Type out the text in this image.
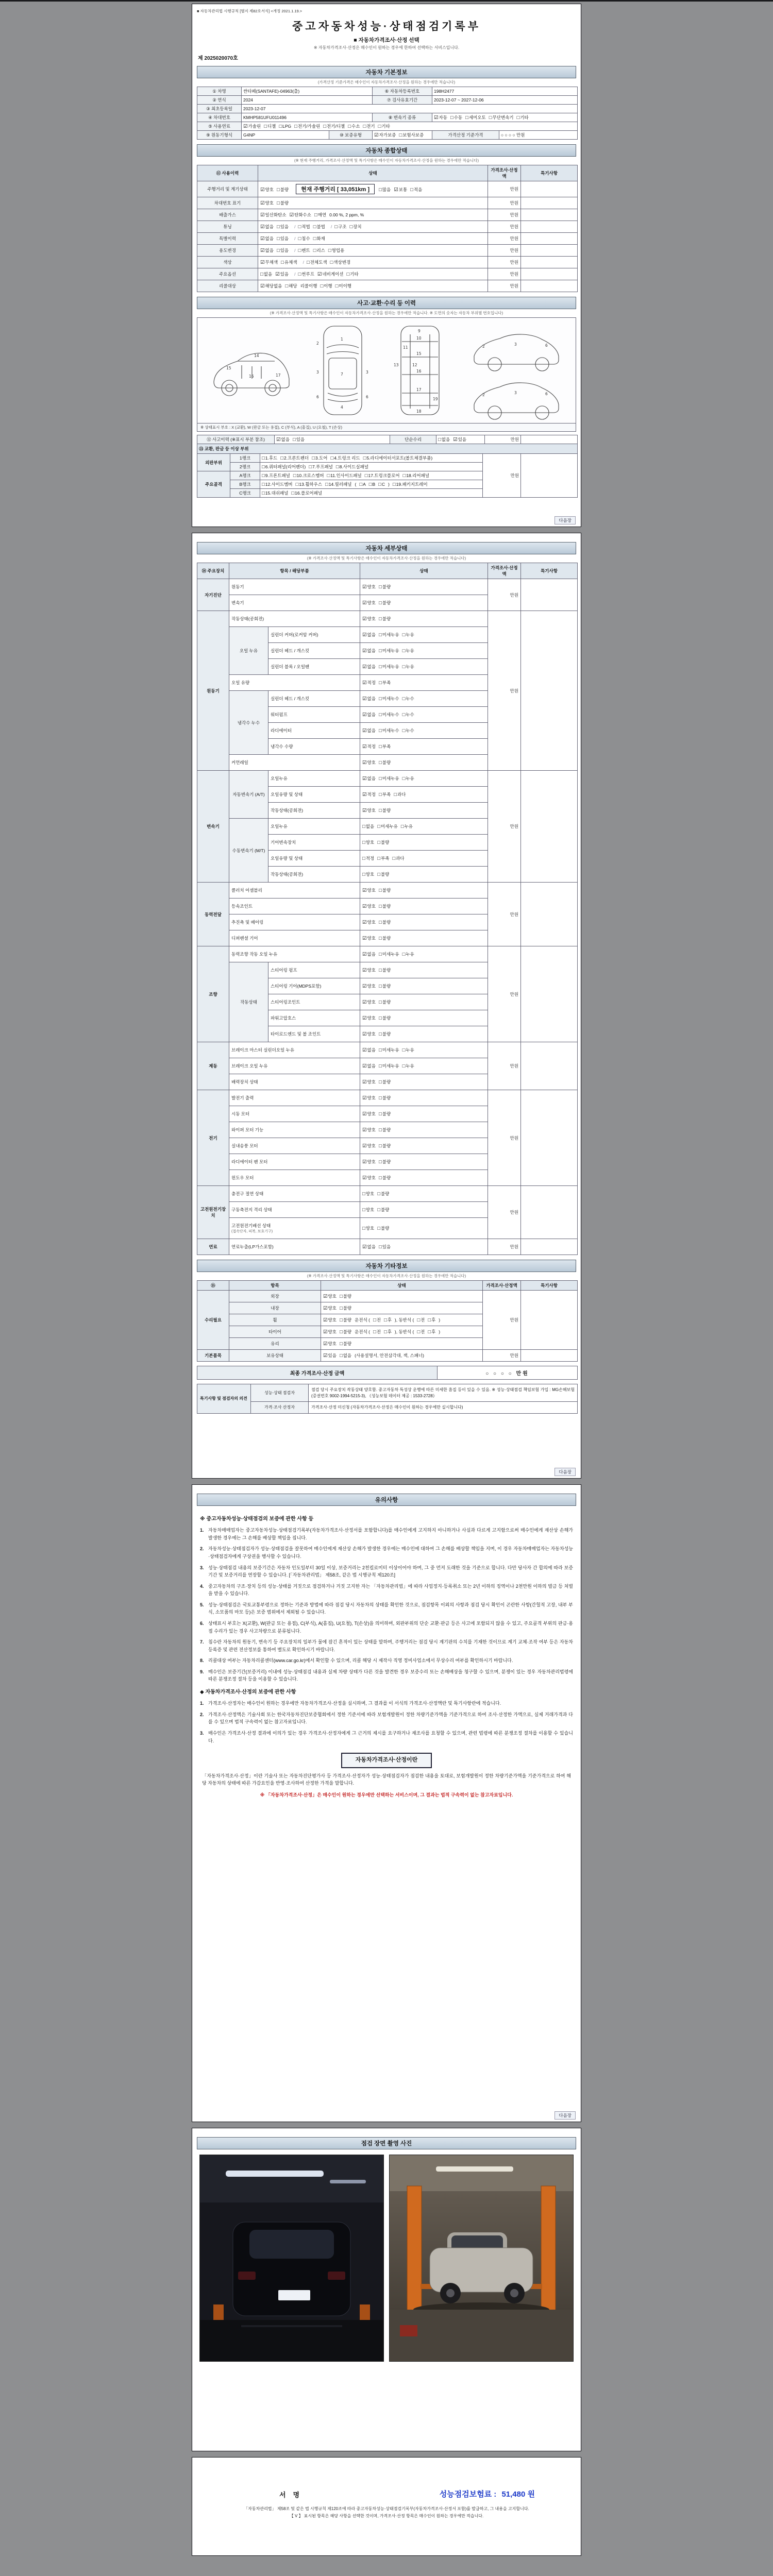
■ 자동차관리법 시행규칙 [별지 제82호서식] <개정 2021.1.19.>
중고자동차성능·상태점검기록부
■ 자동차가격조사·산정 선택
※ 자동차가격조사·산정은 매수인이 원하는 경우에 한하여 선택하는 서비스입니다.
제 2025020070호
자동차 기본정보
(가격산정 기준가격은 매수인이 자동차가격조사·산정을 원하는 경우에만 적습니다)
① 차명	싼타페(SANTAFE)-04963(출)		⑥ 자동차등록번호	198H2477	
② 연식	2024		⑦ 검사유효기간	2023-12-07 ~ 2027-12-06	
③ 최초등록일	2023-12-07				
④ 차대번호	KMHP581UFU011496		⑧ 변속기 종류	☑자동 □수동 □세미오토 □무단변속기 □기타	
⑤ 사용연료	☑가솔린 □디젤 □LPG □전기/가솔린 □전기/디젤 □수소 □전기 □기타				
⑨ 원동기형식	G4NP	⑩ 보증유형	☑자가보증 □보험사보증	가격산정 기준가격	○ ○ ○ ○ 만원
자동차 종합상태
(※ 현재 주행거리, 가격조사·산정액 및 특기사항은 매수인이 자동차가격조사·산정을 원하는 경우에만 적습니다)
⑪ 사용이력	상태	가격조사·산정액	특기사항
주행거리 및 계기상태	☑양호 □불량 현재 주행거리 [ 33,051km ] □많음 ☑보통 □적음	만원	
차대번호 표기	☑양호 □불량	만원	
배출가스	☑일산화탄소 ☑탄화수소 □매연 0.00 %, 2 ppm, %	만원	
튜닝	☑없음 □있음 / □적법 □불법 / □구조 □장치	만원	
특별이력	☑없음 □있음 / □침수 □화재	만원	
용도변경	☑없음 □있음 / □렌트 □리스 □영업용	만원	
색상	☑무채색 □유채색 / □전체도색 □색상변경	만원	
주요옵션	□없음 ☑있음 / □썬루프 ☑네비게이션 □기타	만원	
리콜대상	☑해당없음 □해당 리콜이행 □이행 □미이행	만원	
사고·교환·수리 등 이력
(※ 가격조사·산정액 및 특기사항은 매수인이 자동차가격조사·산정을 원하는 경우에만 적습니다. ※ 도면의 숫자는 자동차 부위별 번호입니다)
14
15
16	17
1
2
3	3
7
4
6	6
9
10
11
12
13
15
16
17
18
19
2	3	6
2	3	6
※ 상태표시 부호 : X (교환), W (판금 또는 용접), C (부식), A (흠집), U (요철), T (손상)
⑫ 사고이력 (※표시 부분 참조)	☑없음 □있음	단순수리	□없음 ☑있음	만원	
⑬ 교환, 판금 등 이상 부위				
외판부위	1랭크	□1.후드 □2.프론트펜더 □3.도어 □4.트렁크 리드 □5.라디에이터서포트(볼트체결부품)	만원	
	2랭크	□6.쿼터패널(리어펜더) □7.루프패널 □8.사이드실패널		
주요골격	A랭크	□9.프론트패널 □10.크로스멤버 □11.인사이드패널 □17.트렁크플로어 □18.리어패널		
	B랭크	□12.사이드멤버 □13.휠하우스 □14.필러패널 ( □A □B □C ) □19.패키지트레이		
	C랭크	□15.대쉬패널 □16.플로어패널		
다음장
자동차 세부상태
(※ 가격조사·산정액 및 특기사항은 매수인이 자동차가격조사·산정을 원하는 경우에만 적습니다)
⑭ 주요장치	항목 / 해당부품		상태	가격조사·산정액	특기사항
자기진단	원동기		☑양호 □불량	만원	
	변속기		☑양호 □불량		
원동기	작동상태(공회전)		☑양호 □불량	만원	
	오일 누유	실린더 커버(로커암 커버)	☑없음 □미세누유 □누유		
		실린더 헤드 / 개스킷	☑없음 □미세누유 □누유		
		실린더 블록 / 오일팬	☑없음 □미세누유 □누유		
	오일 유량		☑적정 □부족		
	냉각수 누수	실린더 헤드 / 개스킷	☑없음 □미세누수 □누수		
		워터펌프	☑없음 □미세누수 □누수		
		라디에이터	☑없음 □미세누수 □누수		
		냉각수 수량	☑적정 □부족		
	커먼레일		☑양호 □불량		
변속기	자동변속기 (A/T)	오일누유	☑없음 □미세누유 □누유	만원	
		오일유량 및 상태	☑적정 □부족 □과다		
		작동상태(공회전)	☑양호 □불량		
	수동변속기 (M/T)	오일누유	□없음 □미세누유 □누유		
		기어변속장치	□양호 □불량		
		오일유량 및 상태	□적정 □부족 □과다		
		작동상태(공회전)	□양호 □불량		
동력전달	클러치 어셈블리		☑양호 □불량	만원	
	등속조인트		☑양호 □불량		
	추진축 및 베어링		☑양호 □불량		
	디퍼렌셜 기어		☑양호 □불량		
조향	동력조향 작동 오일 누유		☑없음 □미세누유 □누유	만원	
	작동상태	스티어링 펌프	☑양호 □불량		
		스티어링 기어(MDPS포함)	☑양호 □불량		
		스티어링조인트	☑양호 □불량		
		파워고압호스	☑양호 □불량		
		타이로드엔드 및 볼 조인트	☑양호 □불량		
제동	브레이크 마스터 실린더오일 누유		☑없음 □미세누유 □누유	만원	
	브레이크 오일 누유		☑없음 □미세누유 □누유		
	배력장치 상태		☑양호 □불량		
전기	발전기 출력		☑양호 □불량	만원	
	시동 모터		☑양호 □불량		
	와이퍼 모터 기능		☑양호 □불량		
	실내송풍 모터		☑양호 □불량		
	라디에이터 팬 모터		☑양호 □불량		
	윈도우 모터		☑양호 □불량		
고전원전기장치	충전구 절연 상태		□양호 □불량	만원	
	구동축전지 격리 상태		□양호 □불량		
	고전원전기배선 상태
(접속단자, 피복, 보호기구)		□양호 □불량		
연료	연료누출(LP가스포함)		☑없음 □있음	만원	
자동차 기타정보
(※ 가격조사·산정액 및 특기사항은 매수인이 자동차가격조사·산정을 원하는 경우에만 적습니다)
⑮	항목	상태	가격조사·산정액	특기사항
수리필요	외장	☑양호 □불량	만원	
	내장	☑양호 □불량		
	휠	☑양호 □불량 운전석 ( □전 □후 ), 동반석 ( □전 □후 )		
	타이어	☑양호 □불량 운전석 ( □전 □후 ), 동반석 ( □전 □후 )		
	유리	☑양호 □불량		
기본품목	보유상태	☑있음 □없음 (사용설명서, 안전삼각대, 잭, 스패너)	만원	
최종 가격조사·산정 금액	○ ○ ○ ○ 만원
특기사항 및 점검자의 의견	성능·상태 점검자	점검 당시 주요장치 작동상태 양호함. 중고자동차 특성상 운행에 따른 미세한 흠집 등이 있을 수 있음. ※ 성능·상태점검 책임보험 가입 : MG손해보험(증권번호 9002-1994-5215-3), 《성능보험 데이터 제공 : 1533-2728》
	가격·조사 산정자	가격조사·산정 미신청 (자동차가격조사·산정은 매수인이 원하는 경우에만 실시합니다)
다음장
유의사항
※ 중고자동차성능·상태점검의 보증에 관한 사항 등
1. 자동차매매업자는 중고자동차성능·상태점검기록부(자동차가격조사·산정서를 포함합니다)를 매수인에게 고지하지 아니하거나 사실과 다르게 고지함으로써 매수인에게 재산상 손해가 발생한 경우에는 그 손해를 배상할 책임을 집니다.
2. 자동차성능·상태점검자가 성능·상태점검을 잘못하여 매수인에게 재산상 손해가 발생한 경우에는 매수인에 대하여 그 손해를 배상할 책임을 지며, 이 경우 자동차매매업자는 자동차성능·상태점검자에게 구상권을 행사할 수 있습니다.
3. 성능·상태점검 내용의 보증기간은 자동차 인도일부터 30일 이상, 보증거리는 2천킬로미터 이상이어야 하며, 그 중 먼저 도래한 것을 기준으로 합니다. 다만 당사자 간 합의에 따라 보증기간 및 보증거리를 연장할 수 있습니다. [「자동차관리법」 제58조, 같은 법 시행규칙 제120조]
4. 중고자동차의 구조·장치 등의 성능·상태를 거짓으로 점검하거나 거짓 고지한 자는 「자동차관리법」에 따라 사업정지·등록취소 또는 2년 이하의 징역이나 2천만원 이하의 벌금 등 처벌을 받을 수 있습니다.
5. 성능·상태점검은 국토교통부령으로 정하는 기준과 방법에 따라 점검 당시 자동차의 상태를 확인한 것으로, 점검항목 이외의 사항과 점검 당시 확인이 곤란한 사항(간헐적 고장, 내부 부식, 소모품의 마모 등)은 보증 범위에서 제외될 수 있습니다.
6. 상태표시 부호는 X(교환), W(판금 또는 용접), C(부식), A(흠집), U(요철), T(손상)을 의미하며, 외판부위의 단순 교환·판금 등은 사고에 포함되지 않을 수 있고, 주요골격 부위의 판금·용접 수리가 있는 경우 사고차량으로 분류됩니다.
7. 침수란 자동차의 원동기, 변속기 등 주요장치의 일부가 물에 잠긴 흔적이 있는 상태를 말하며, 주행거리는 점검 당시 계기판의 수치를 기재한 것이므로 계기 교체·조작 여부 등은 자동차등록증 및 관련 전산정보를 통하여 별도로 확인하시기 바랍니다.
8. 리콜대상 여부는 자동차리콜센터(www.car.go.kr)에서 확인할 수 있으며, 리콜 해당 시 제작사 직영 정비사업소에서 무상수리 여부를 확인하시기 바랍니다.
9. 매수인은 보증기간(보증거리) 이내에 성능·상태점검 내용과 실제 차량 상태가 다른 것을 발견한 경우 보증수리 또는 손해배상을 청구할 수 있으며, 분쟁이 있는 경우 자동차관리법령에 따른 분쟁조정 절차 등을 이용할 수 있습니다.
◆ 자동차가격조사·산정의 보증에 관한 사항
1. 가격조사·산정자는 매수인이 원하는 경우에만 자동차가격조사·산정을 실시하며, 그 결과를 이 서식의 가격조사·산정액란 및 특기사항란에 적습니다.
2. 가격조사·산정액은 기술사회 또는 한국자동차진단보증협회에서 정한 기준서에 따라 보험개발원이 정한 차량기준가액을 기준가격으로 하여 조사·산정한 가액으로, 실제 거래가격과 다를 수 있으며 법적 구속력이 없는 참고자료입니다.
3. 매수인은 가격조사·산정 결과에 이의가 있는 경우 가격조사·산정자에게 그 근거의 제시를 요구하거나 재조사를 요청할 수 있으며, 관련 법령에 따른 분쟁조정 절차를 이용할 수 있습니다.
자동차가격조사·산정이란
「자동차가격조사·산정」이란 기술사 또는 자동차진단평가사 등 가격조사·산정자가 성능·상태점검자가 점검한 내용을 토대로, 보험개발원이 정한 차량기준가액을 기준가격으로 하여 해당 자동차의 상태에 따른 가감요인을 반영·조사하여 산정한 가격을 말합니다.
※ 「자동차가격조사·산정」은 매수인이 원하는 경우에만 선택하는 서비스이며, 그 결과는 법적 구속력이 없는 참고자료입니다.
다음장
점검 장면 촬영 사진
서명	성능점검보험료 : 51,480 원
「자동차관리법」 제58조 및 같은 법 시행규칙 제120조에 따라 중고자동차성능·상태점검기록부(자동차가격조사·산정서 포함)를 발급하고, 그 내용을 고지합니다.
【 V 】 표시된 항목은 해당 사항을 선택한 것이며, 가격조사·산정 항목은 매수인이 원하는 경우에만 적습니다.
